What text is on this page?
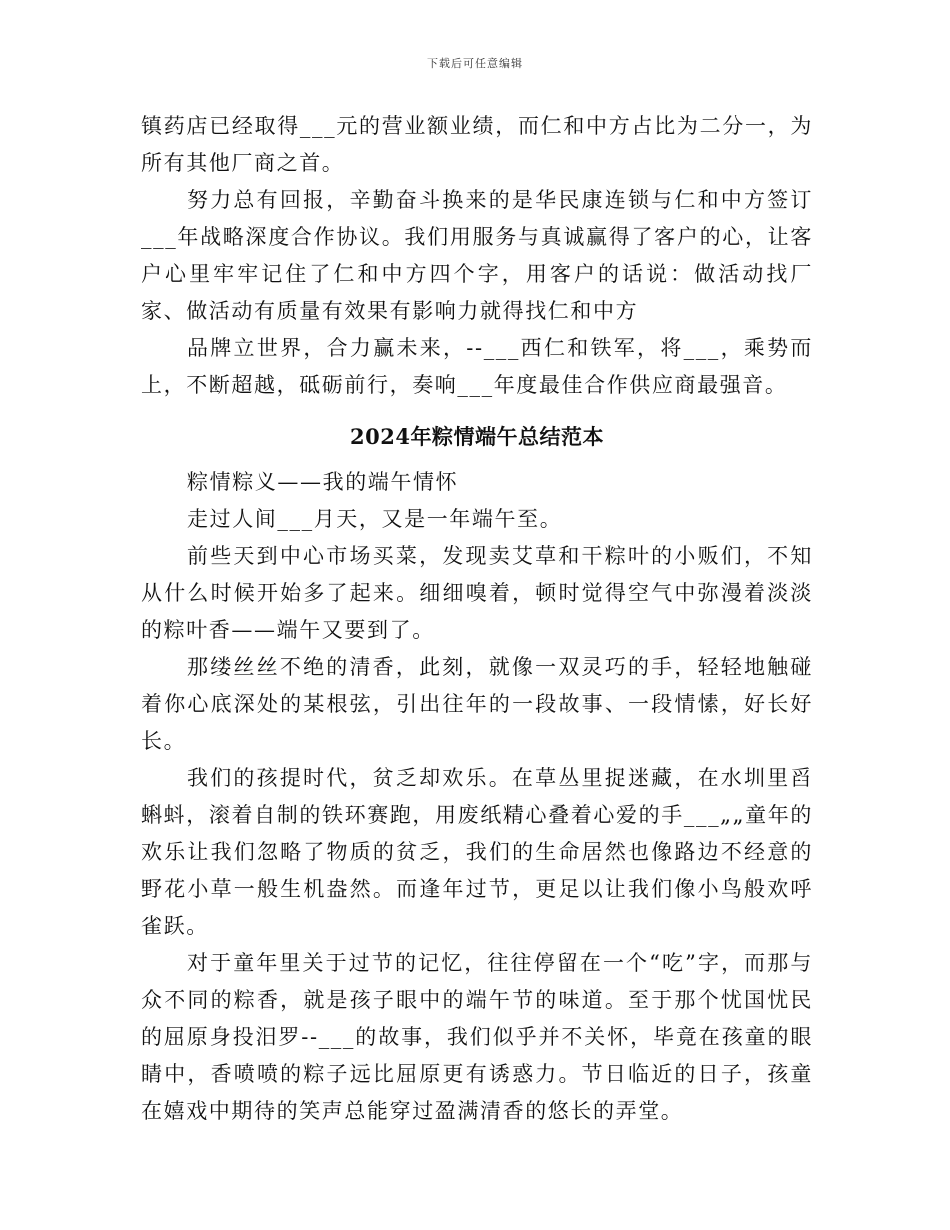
下载后可任意编辑

镇药店已经取得___元的营业额业绩，而仁和中方占比为二分一，为所有其他厂商之首。

努力总有回报，辛勤奋斗换来的是华民康连锁与仁和中方签订___年战略深度合作协议。我们用服务与真诚赢得了客户的心，让客户心里牢牢记住了仁和中方四个字，用客户的话说：做活动找厂家、做活动有质量有效果有影响力就得找仁和中方

品牌立世界，合力赢未来，--___西仁和铁军，将___，乘势而上，不断超越，砥砺前行，奏响___年度最佳合作供应商最强音。

2024年粽情端午总结范本

粽情粽义——我的端午情怀

走过人间___月天，又是一年端午至。

前些天到中心市场买菜，发现卖艾草和干粽叶的小贩们，不知从什么时候开始多了起来。细细嗅着，顿时觉得空气中弥漫着淡淡的粽叶香——端午又要到了。

那缕丝丝不绝的清香，此刻，就像一双灵巧的手，轻轻地触碰着你心底深处的某根弦，引出往年的一段故事、一段情愫，好长好长。

我们的孩提时代，贫乏却欢乐。在草丛里捉迷藏，在水圳里舀蝌蚪，滚着自制的铁环赛跑，用废纸精心叠着心爱的手___„„童年的欢乐让我们忽略了物质的贫乏，我们的生命居然也像路边不经意的野花小草一般生机盎然。而逢年过节，更足以让我们像小鸟般欢呼雀跃。

对于童年里关于过节的记忆，往往停留在一个“吃”字，而那与众不同的粽香，就是孩子眼中的端午节的味道。至于那个忧国忧民的屈原身投汨罗--___的故事，我们似乎并不关怀，毕竟在孩童的眼睛中，香喷喷的粽子远比屈原更有诱惑力。节日临近的日子，孩童在嬉戏中期待的笑声总能穿过盈满清香的悠长的弄堂。
